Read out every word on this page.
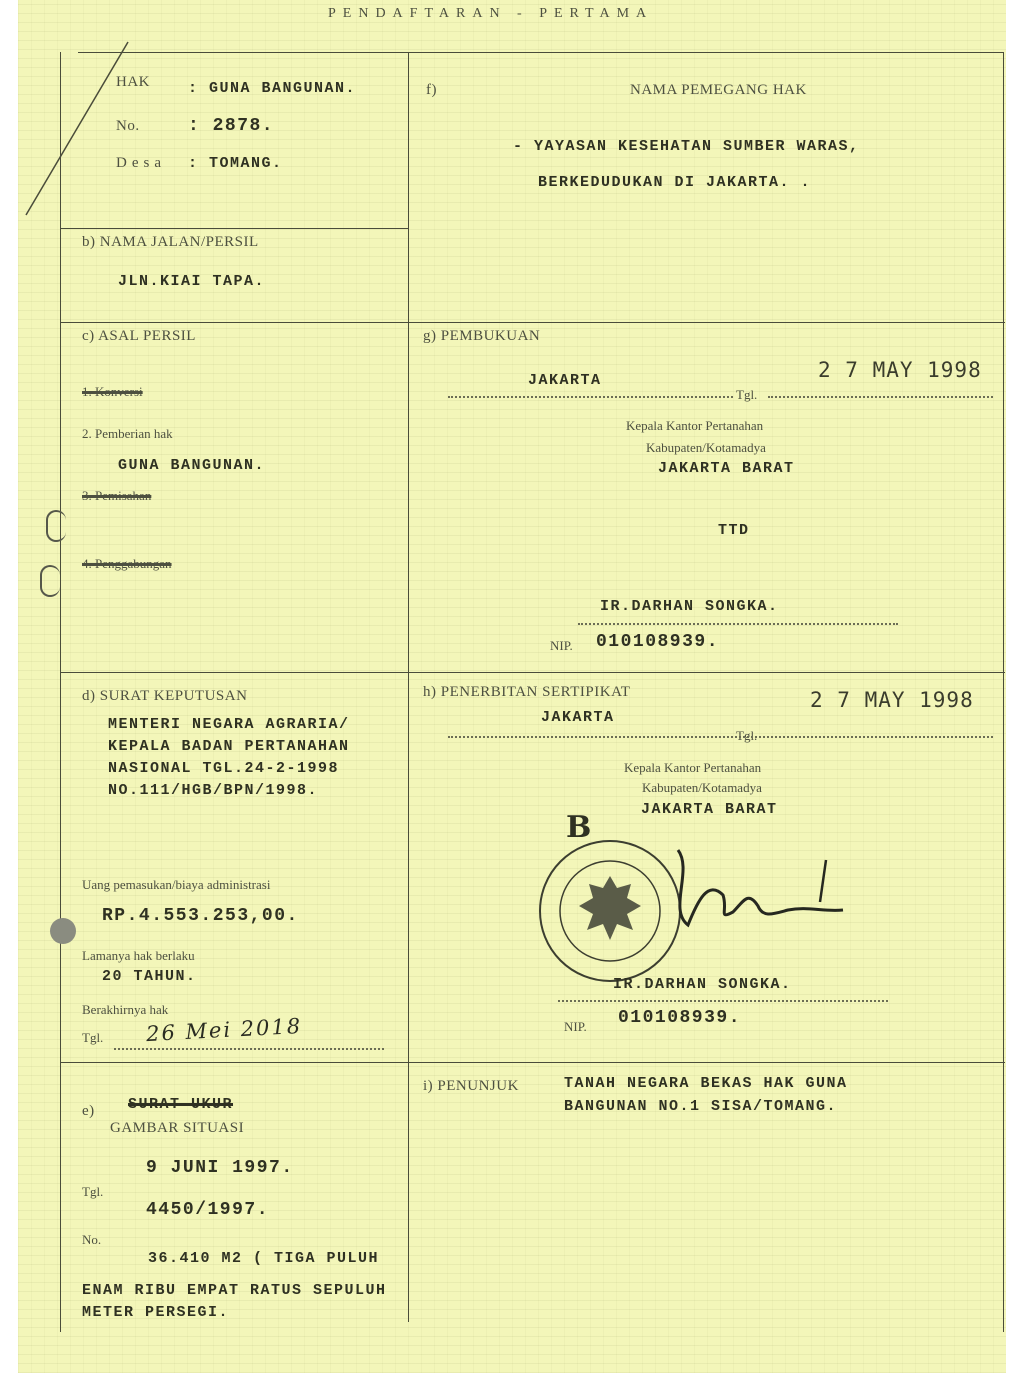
PENDAFTARAN - PERTAMA
HAK	: GUNA BANGUNAN.
No.	: 2878.
Desa : TOMANG.
f)	NAMA PEMEGANG HAK
- YAYASAN KESEHATAN SUMBER WARAS,
BERKEDUDUKAN DI JAKARTA. .
b) NAMA JALAN/PERSIL
JLN.KIAI TAPA.
c) ASAL PERSIL
1. Konversi
2. Pemberian hak
GUNA BANGUNAN.
3. Pemisahan
4. Penggabungan
g) PEMBUKUAN
JAKARTA	2 7 MAY 1998
Tgl.
Kepala Kantor Pertanahan
Kabupaten/Kotamadya
JAKARTA BARAT
TTD
IR.DARHAN SONGKA.
NIP. 010108939.
d) SURAT KEPUTUSAN
MENTERI NEGARA AGRARIA/
KEPALA BADAN PERTANAHAN
NASIONAL TGL.24-2-1998
NO.111/HGB/BPN/1998.
Uang pemasukan/biaya administrasi
RP.4.553.253,00.
Lamanya hak berlaku
20 TAHUN.
Berakhirnya hak
Tgl. 26 Mei 2018
h) PENERBITAN SERTIPIKAT	2 7 MAY 1998
JAKARTA
Tgl.
Kepala Kantor Pertanahan
Kabupaten/Kotamadya
JAKARTA BARAT
B
IR.DARHAN SONGKA.
NIP. 010108939.
i) PENUNJUK	TANAH NEGARA BEKAS HAK GUNA
BANGUNAN NO.1 SISA/TOMANG.
e) SURAT UKUR
GAMBAR SITUASI
9 JUNI 1997.
Tgl.
4450/1997.
No.
36.410 M2 ( TIGA PULUH
ENAM RIBU EMPAT RATUS SEPULUH
METER PERSEGI.
